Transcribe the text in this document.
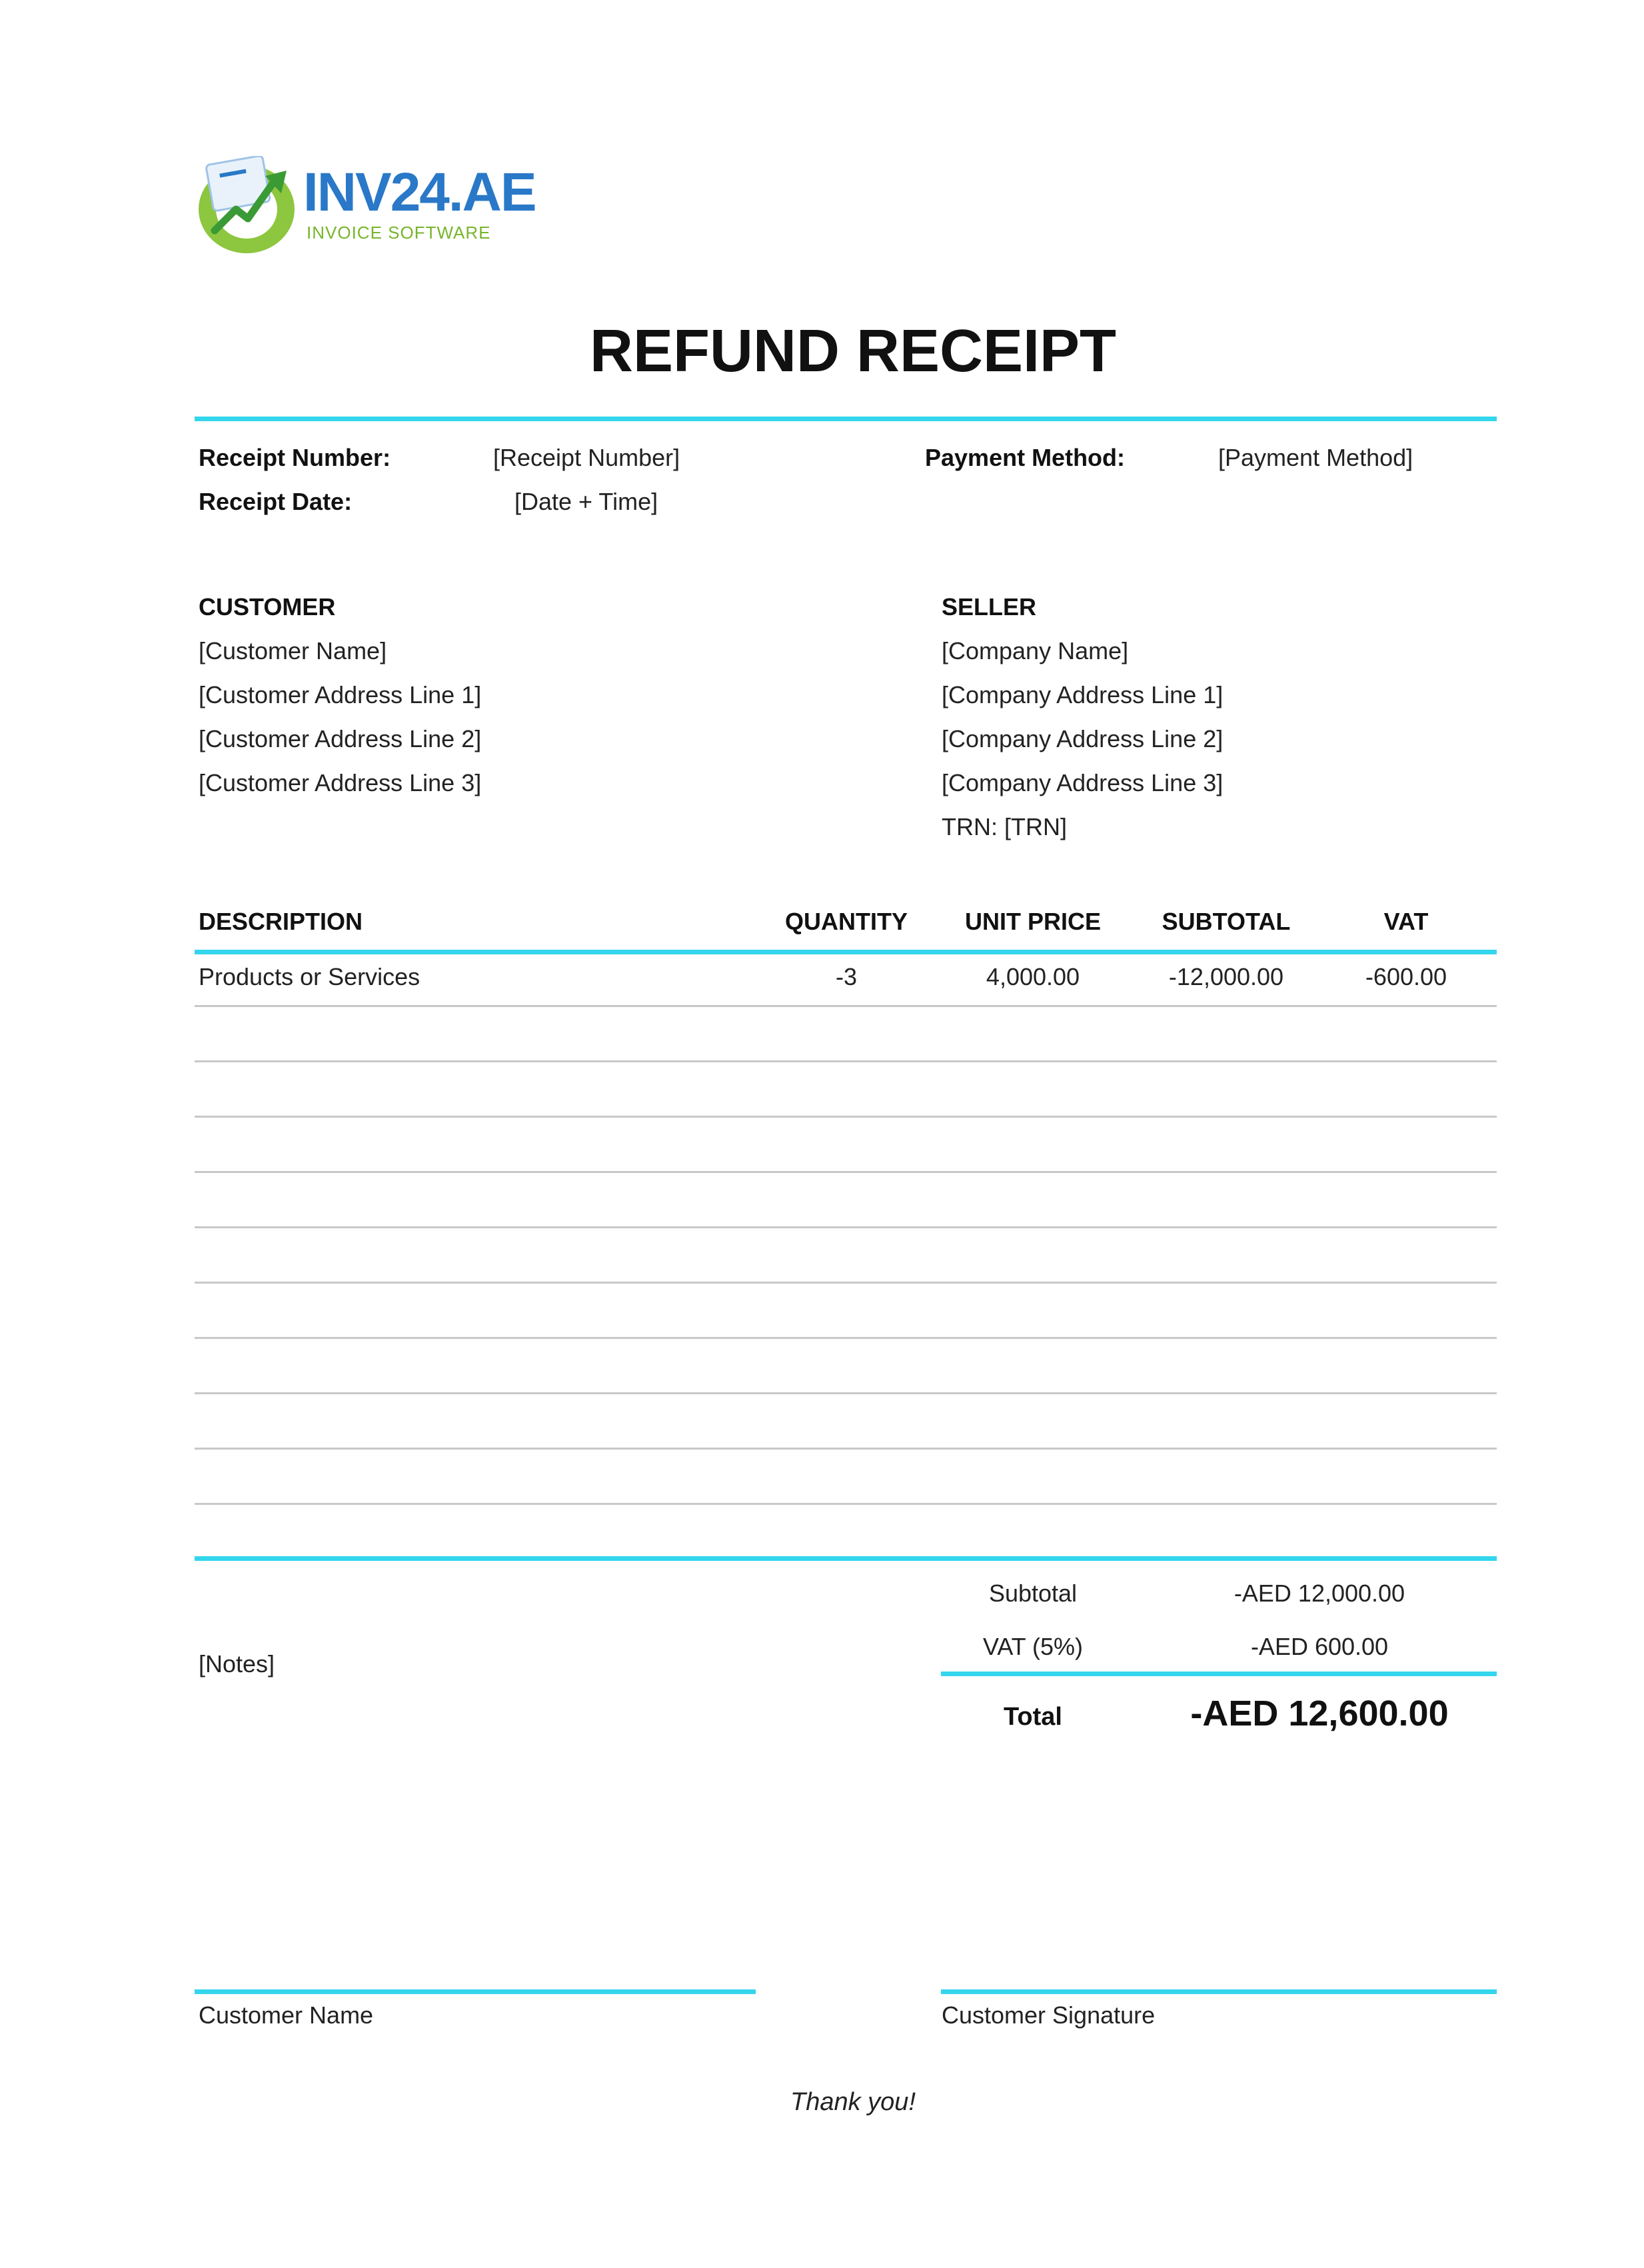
INV24.AE
INVOICE SOFTWARE
REFUND RECEIPT
Receipt Number:	[Receipt Number]
Receipt Date:	[Date + Time]
Payment Method:	[Payment Method]
CUSTOMER
[Customer Name]
[Customer Address Line 1]
[Customer Address Line 2]
[Customer Address Line 3]
SELLER
[Company Name]
[Company Address Line 1]
[Company Address Line 2]
[Company Address Line 3]
TRN: [TRN]
DESCRIPTION	QUANTITY	UNIT PRICE	SUBTOTAL	VAT
Products or Services	-3	4,000.00	-12,000.00	-600.00
[Notes]
Subtotal	-AED 12,000.00
VAT (5%)	-AED 600.00
Total	-AED 12,600.00
Customer Name	Customer Signature
Thank you!
